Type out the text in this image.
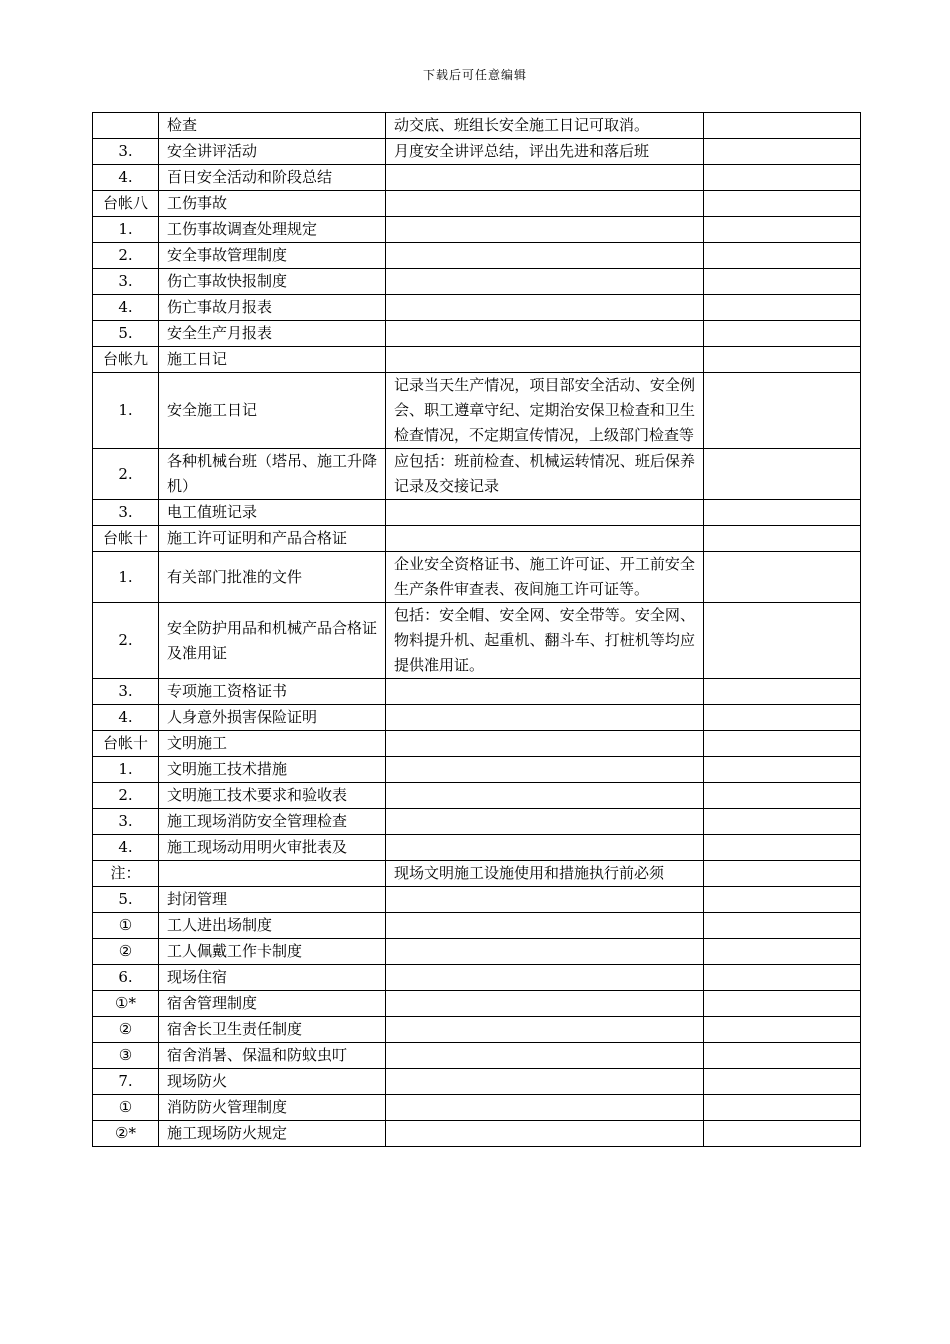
下载后可任意编辑
	检查	动交底、班组长安全施工日记可取消。	
3.	安全讲评活动	月度安全讲评总结，评出先进和落后班	
4.	百日安全活动和阶段总结		
台帐八	工伤事故		
1.	工伤事故调查处理规定		
2.	安全事故管理制度		
3.	伤亡事故快报制度		
4.	伤亡事故月报表		
5.	安全生产月报表		
台帐九	施工日记		
1.	安全施工日记	记录当天生产情况，项目部安全活动、安全例会、职工遵章守纪、定期治安保卫检查和卫生检查情况，不定期宣传情况，上级部门检查等	
2.	各种机械台班（塔吊、施工升降机）	应包括：班前检查、机械运转情况、班后保养记录及交接记录	
3.	电工值班记录		
台帐十	施工许可证明和产品合格证		
1.	有关部门批准的文件	企业安全资格证书、施工许可证、开工前安全生产条件审查表、夜间施工许可证等。	
2.	安全防护用品和机械产品合格证及准用证	包括：安全帽、安全网、安全带等。安全网、物料提升机、起重机、翻斗车、打桩机等均应提供准用证。	
3.	专项施工资格证书		
4.	人身意外损害保险证明		
台帐十	文明施工		
1.	文明施工技术措施		
2.	文明施工技术要求和验收表		
3.	施工现场消防安全管理检查		
4.	施工现场动用明火审批表及		
注：		现场文明施工设施使用和措施执行前必须	
5.	封闭管理		
①	工人进出场制度		
②	工人佩戴工作卡制度		
6.	现场住宿		
①*	宿舍管理制度		
②	宿舍长卫生责任制度		
③	宿舍消暑、保温和防蚊虫叮		
7.	现场防火		
①	消防防火管理制度		
②*	施工现场防火规定		
